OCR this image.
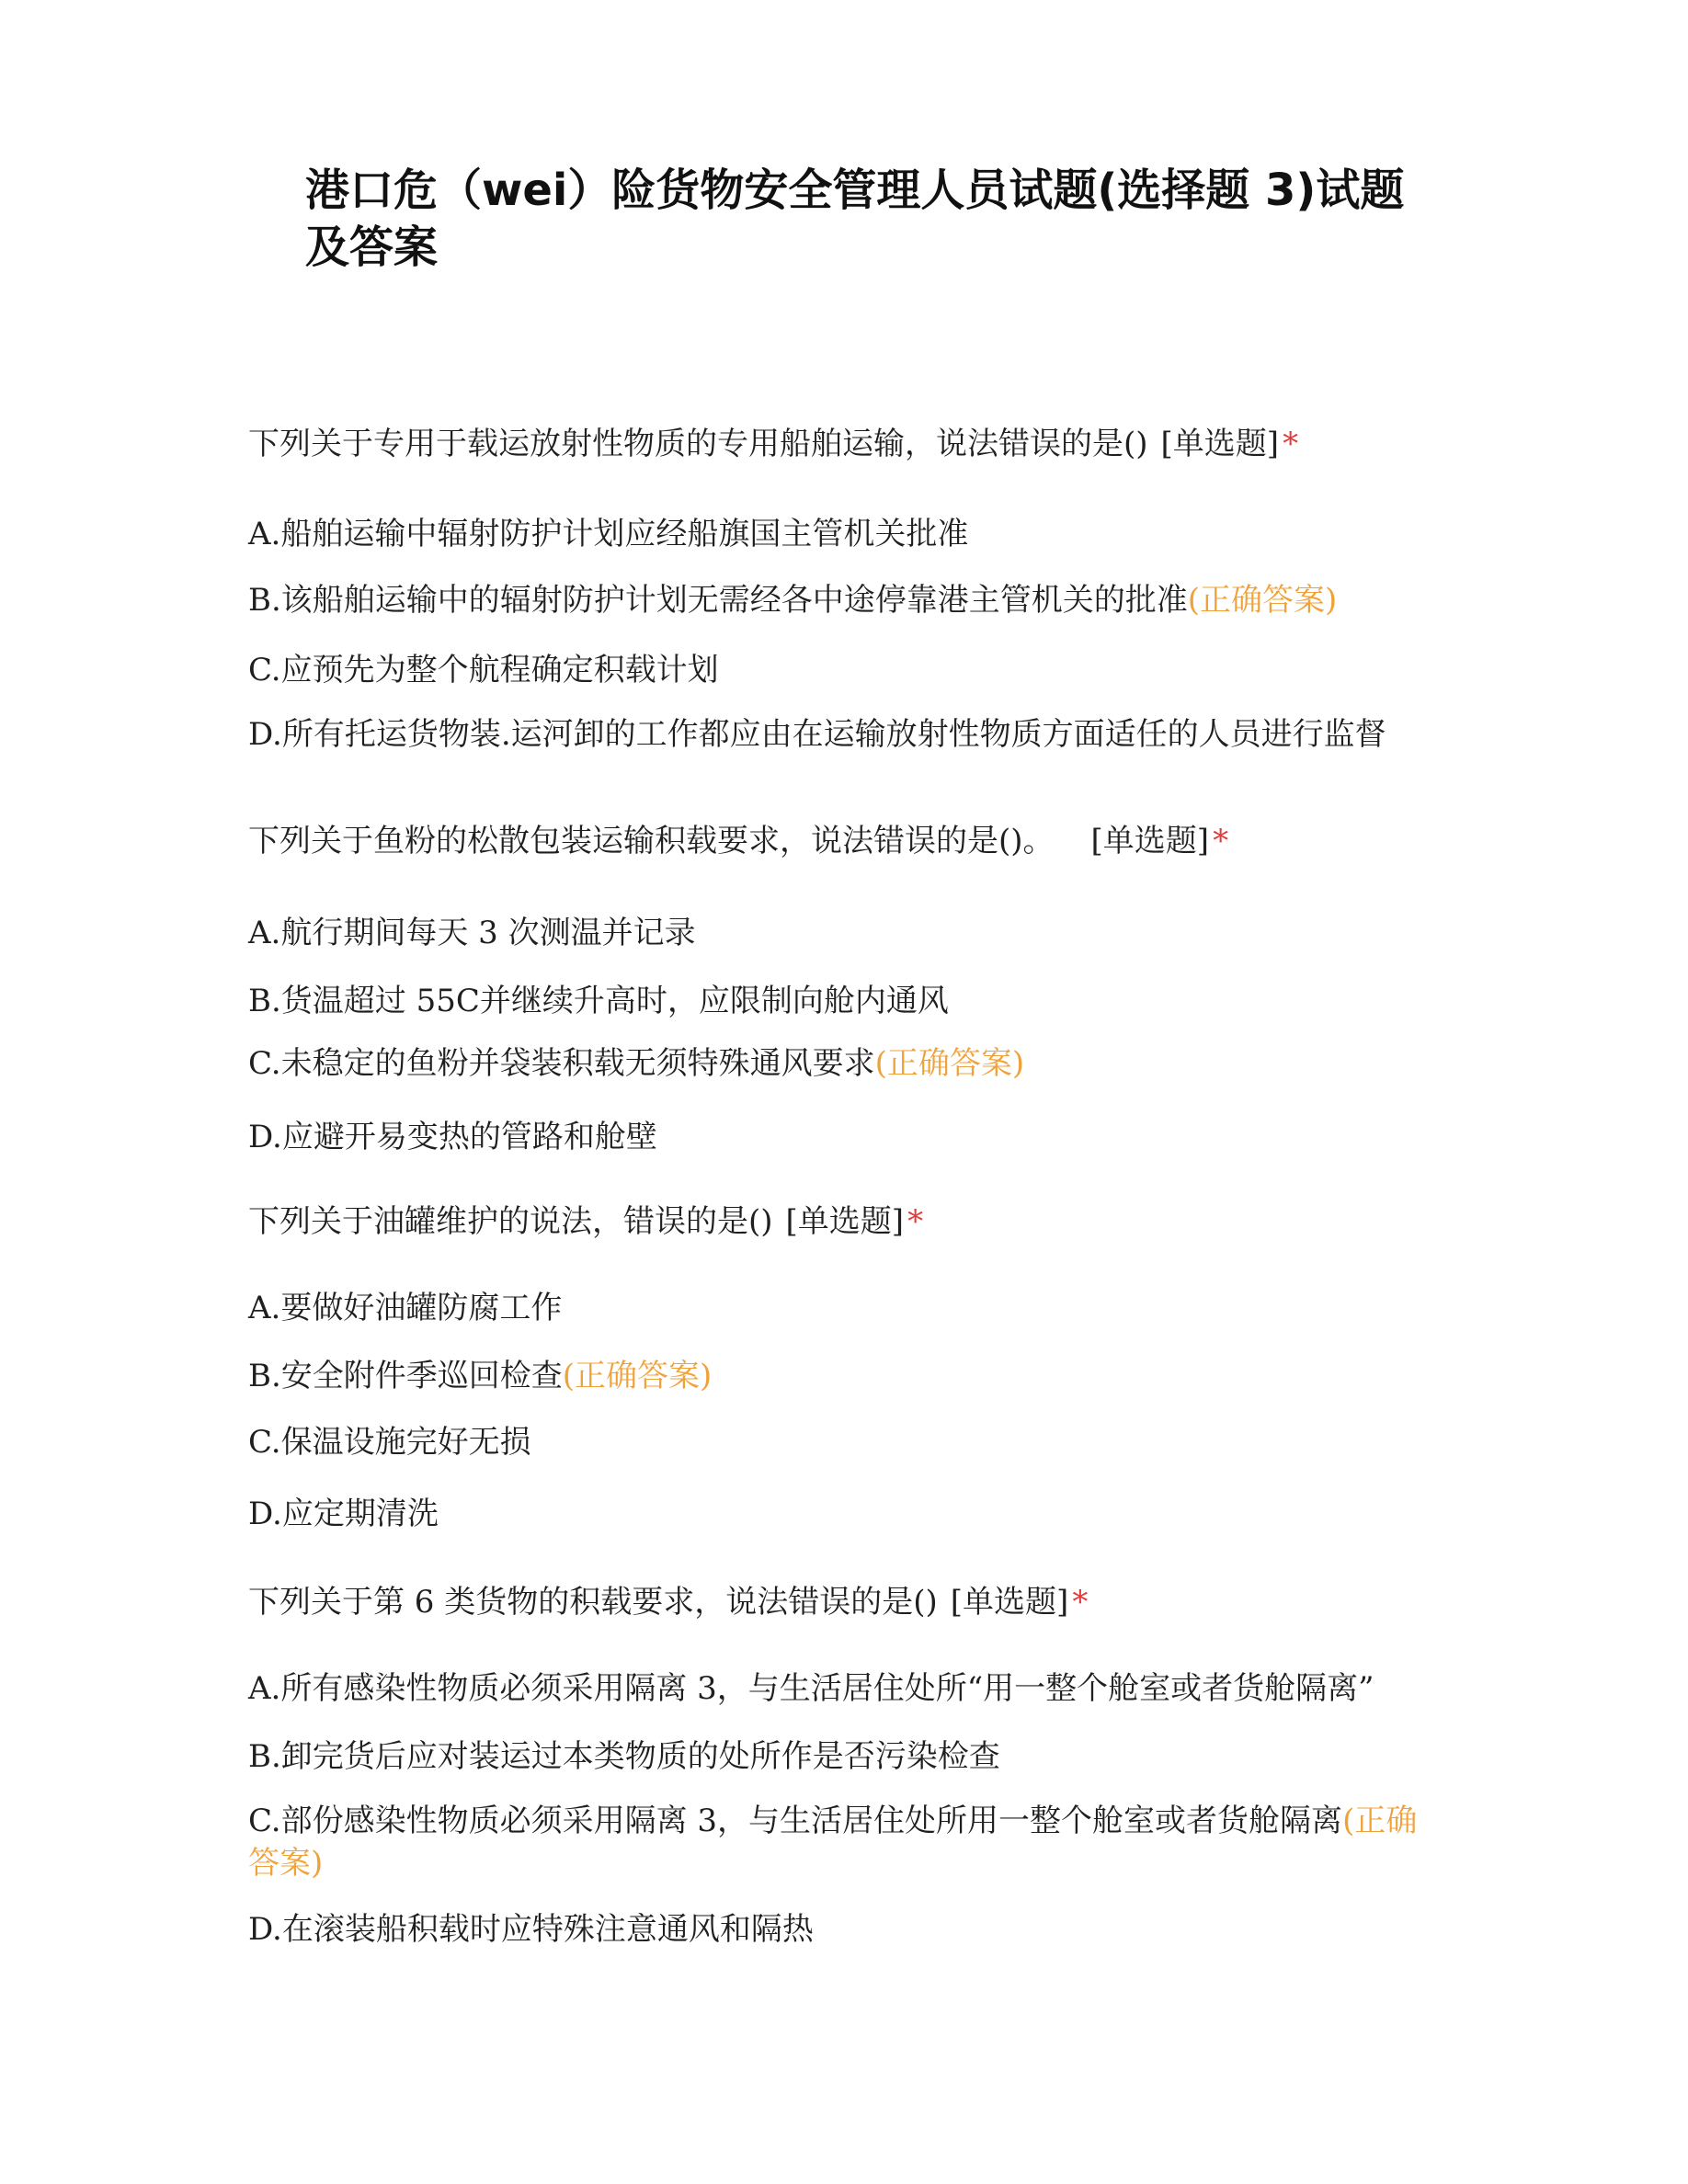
港口危（wei）险货物安全管理人员试题(选择题 3)试题及答案
下列关于专用于载运放射性物质的专用船舶运输，说法错误的是() [单选题] *
A.船舶运输中辐射防护计划应经船旗国主管机关批准
B.该船舶运输中的辐射防护计划无需经各中途停靠港主管机关的批准(正确答案)
C.应预先为整个航程确定积载计划
D.所有托运货物装.运河卸的工作都应由在运输放射性物质方面适任的人员进行监督
下列关于鱼粉的松散包装运输积载要求，说法错误的是()。 [单选题] *
A.航行期间每天 3 次测温并记录
B.货温超过 55C并继续升高时，应限制向舱内通风
C.未稳定的鱼粉并袋装积载无须特殊通风要求(正确答案)
D.应避开易变热的管路和舱壁
下列关于油罐维护的说法，错误的是() [单选题] *
A.要做好油罐防腐工作
B.安全附件季巡回检查(正确答案)
C.保温设施完好无损
D.应定期清洗
下列关于第 6 类货物的积载要求，说法错误的是() [单选题] *
A.所有感染性物质必须采用隔离 3，与生活居住处所“用一整个舱室或者货舱隔离”
B.卸完货后应对装运过本类物质的处所作是否污染检查
C.部份感染性物质必须采用隔离 3，与生活居住处所用一整个舱室或者货舱隔离(正确 答案)
D.在滚装船积载时应特殊注意通风和隔热
